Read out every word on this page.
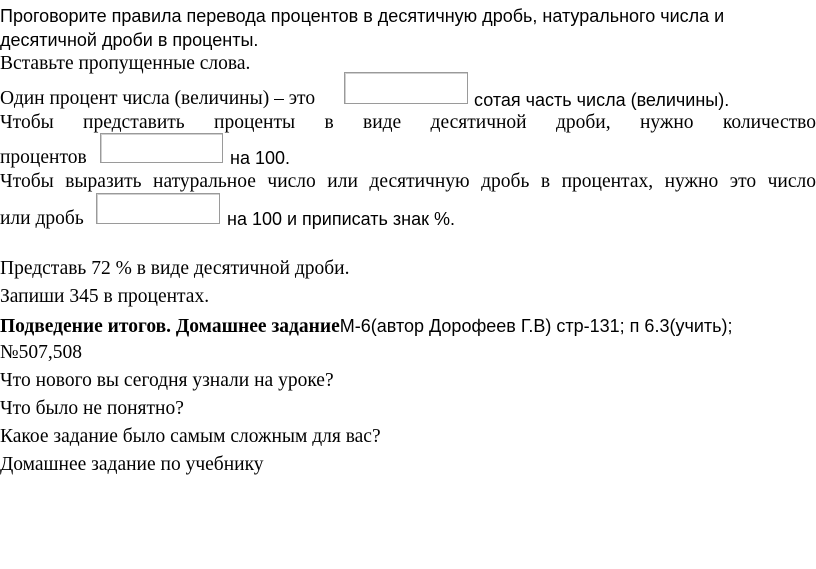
Проговорите правила перевода процентов в десятичную дробь, натурального числа и
десятичной дроби в проценты.
Вставьте пропущенные слова.
Один процент числа (величины) – это	сотая часть числа (величины).
Чтобы представить проценты в виде десятичной дроби, нужно количество
процентов	на 100.
Чтобы выразить натуральное число или десятичную дробь в процентах, нужно это число
или дробь	на 100 и приписать знак %.
Представь 72 % в виде десятичной дроби.
Запиши 345 в процентах.
Подведение итогов. Домашнее заданиеМ-6(автор Дорофеев Г.В) стр-131; п 6.3(учить);
№507,508
Что нового вы сегодня узнали на уроке?
Что было не понятно?
Какое задание было самым сложным для вас?
Домашнее задание по учебнику
